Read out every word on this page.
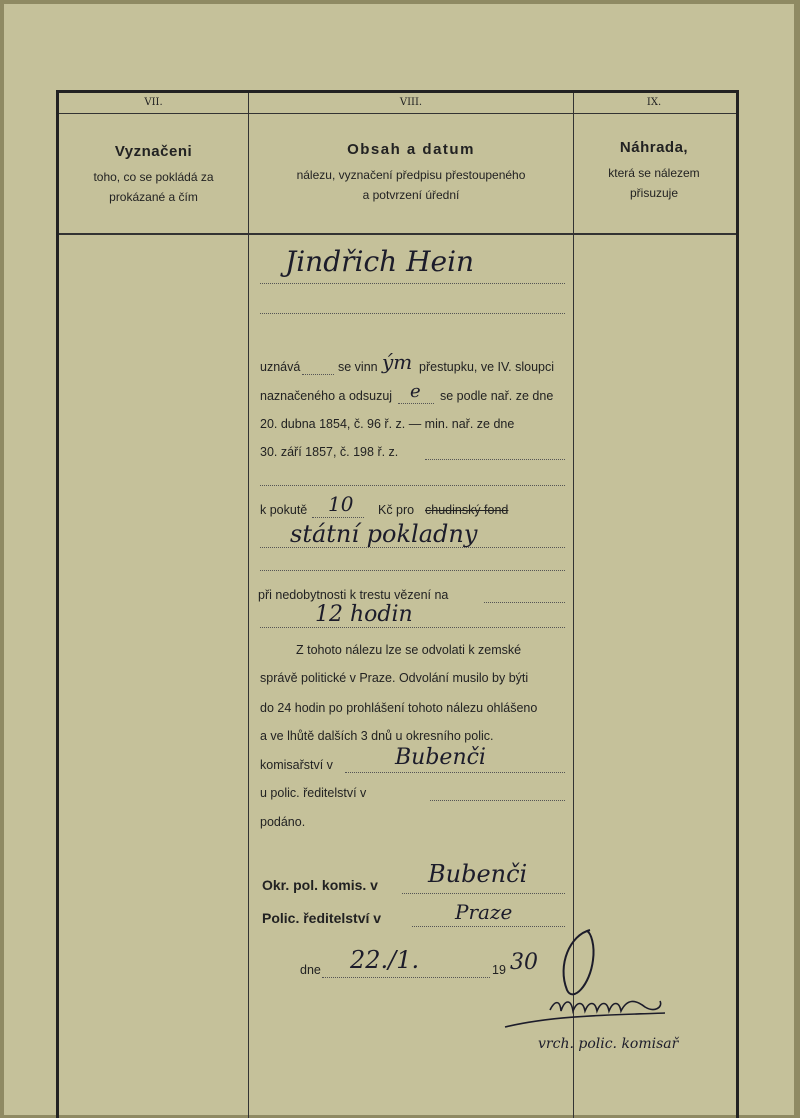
VII.	VIII.	IX.
Vyznačeni
toho, co se pokládá za
prokázané a čím
Obsah a datum
nálezu, vyznačení předpisu přestoupeného
a potvrzení úřední
Náhrada,
která se nálezem
přisuzuje
Jindřich Hein
uznává	se vinn ým přestupku, ve IV. sloupci
naznačeného a odsuzuj e se podle nař. ze dne
20. dubna 1854, č. 96 ř. z. — min. nař. ze dne
30. září 1857, č. 198 ř. z.
k pokutě 10 Kč pro chudinský fond
státní pokladny
při nedobytnosti k trestu vězení na
12 hodin
Z tohoto nálezu lze se odvolati k zemské
správě politické v Praze. Odvolání musilo by býti
do 24 hodin po prohlášení tohoto nálezu ohlášeno
a ve lhůtě dalších 3 dnů u okresního polic.
komisařství v	Bubenči
u polic. ředitelství v
podáno.
Okr. pol. komis. v Bubenči
Polic. ředitelství v	Praze
dne 22./1.	19 30
vrch. polic. komisař
